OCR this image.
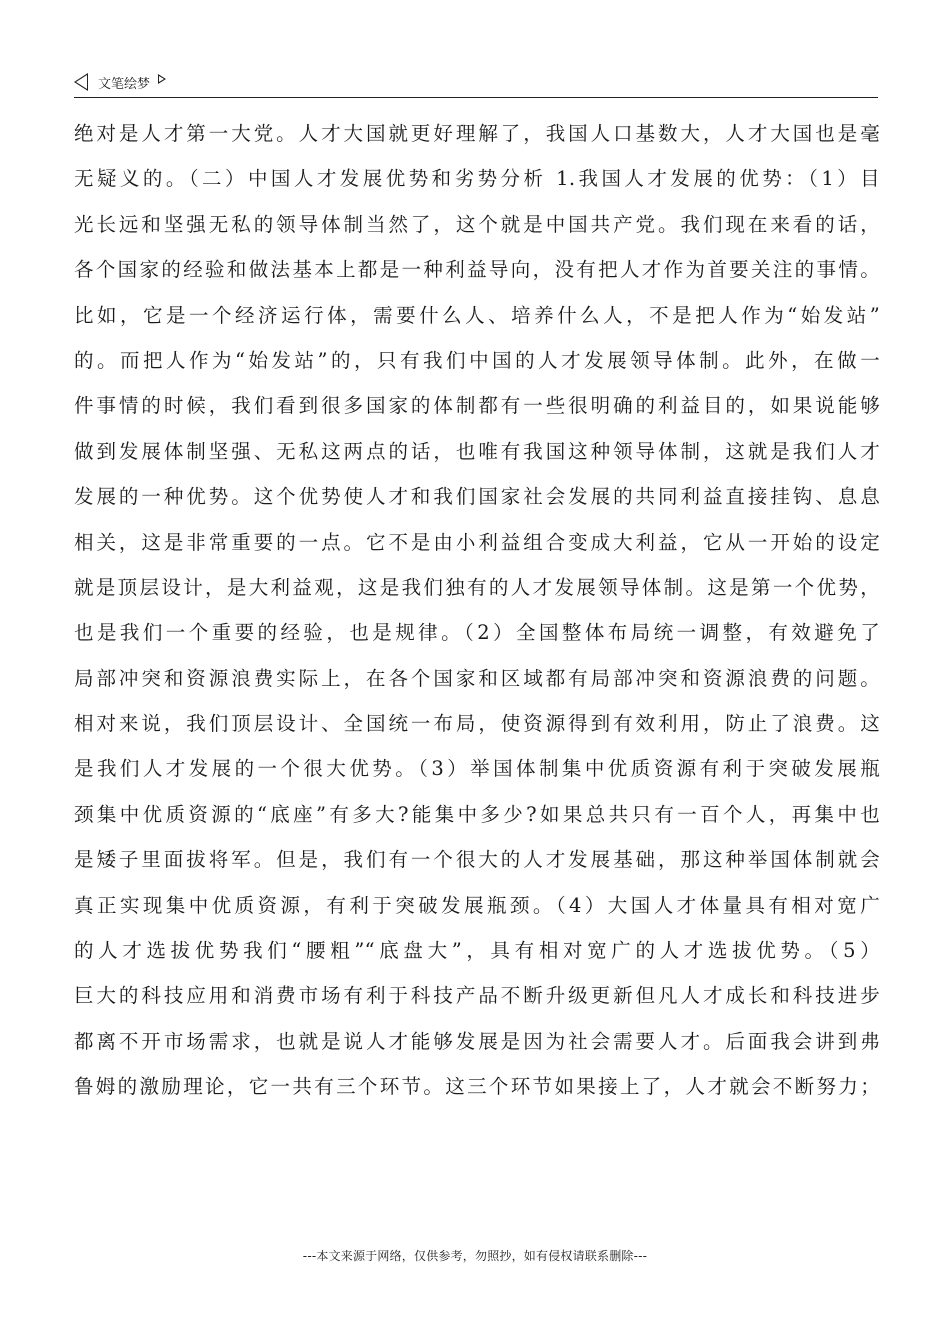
文笔绘梦
绝对是人才第一大党。人才大国就更好理解了，我国人口基数大，人才大国也是毫
无疑义的。（二）中国人才发展优势和劣势分析 1.我国人才发展的优势：（1）目
光长远和坚强无私的领导体制当然了，这个就是中国共产党。我们现在来看的话，
各个国家的经验和做法基本上都是一种利益导向，没有把人才作为首要关注的事情。
比如，它是一个经济运行体，需要什么人、培养什么人，不是把人作为“始发站”
的。而把人作为“始发站”的，只有我们中国的人才发展领导体制。此外，在做一
件事情的时候，我们看到很多国家的体制都有一些很明确的利益目的，如果说能够
做到发展体制坚强、无私这两点的话，也唯有我国这种领导体制，这就是我们人才
发展的一种优势。这个优势使人才和我们国家社会发展的共同利益直接挂钩、息息
相关，这是非常重要的一点。它不是由小利益组合变成大利益，它从一开始的设定
就是顶层设计，是大利益观，这是我们独有的人才发展领导体制。这是第一个优势，
也是我们一个重要的经验，也是规律。（2）全国整体布局统一调整，有效避免了
局部冲突和资源浪费实际上，在各个国家和区域都有局部冲突和资源浪费的问题。
相对来说，我们顶层设计、全国统一布局，使资源得到有效利用，防止了浪费。这
是我们人才发展的一个很大优势。（3）举国体制集中优质资源有利于突破发展瓶
颈集中优质资源的“底座”有多大?能集中多少?如果总共只有一百个人，再集中也
是矮子里面拔将军。但是，我们有一个很大的人才发展基础，那这种举国体制就会
真正实现集中优质资源，有利于突破发展瓶颈。（4）大国人才体量具有相对宽广
的人才选拔优势我们“腰粗”“底盘大”，具有相对宽广的人才选拔优势。（5）
巨大的科技应用和消费市场有利于科技产品不断升级更新但凡人才成长和科技进步
都离不开市场需求，也就是说人才能够发展是因为社会需要人才。后面我会讲到弗
鲁姆的激励理论，它一共有三个环节。这三个环节如果接上了，人才就会不断努力；
---本文来源于网络，仅供参考，勿照抄，如有侵权请联系删除---
